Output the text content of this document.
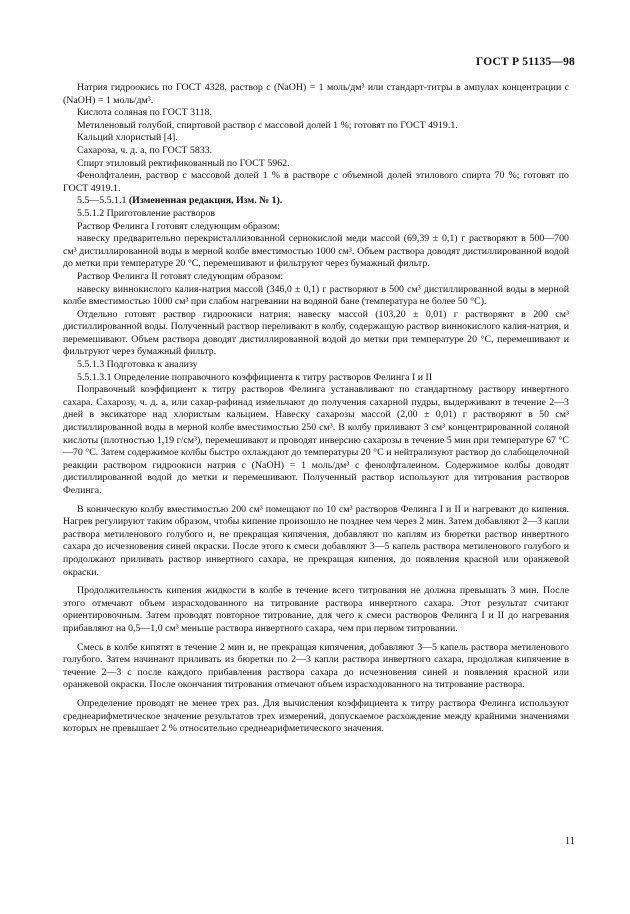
ГОСТ Р 51135—98

Натрия гидроокись по ГОСТ 4328, раствор c (NaOH) = 1 моль/дм³ или стандарт-титры в ампулах концентрации c (NaOH) = 1 моль/дм³.

Кислота соляная по ГОСТ 3118.

Метиленовый голубой, спиртовой раствор с массовой долей 1 %; готовят по ГОСТ 4919.1.

Кальций хлористый [4].

Сахароза, ч. д. а, по ГОСТ 5833.

Спирт этиловый ректификованный по ГОСТ 5962.

Фенолфталеин, раствор с массовой долей 1 % в растворе с объемной долей этилового спирта 70 %; готовят по ГОСТ 4919.1.

5.5—5.5.1.1 (Измененная редакция, Изм. № 1).

5.5.1.2 Приготовление растворов

Раствор Фелинга I готовят следующим образом:

навеску предварительно перекристаллизованной сернокислой меди массой (69,39 ± 0,1) г растворяют в 500—700 см³ дистиллированной воды в мерной колбе вместимостью 1000 см³. Объем раствора доводят дистиллированной водой до метки при температуре 20 °С, перемешивают и фильтруют через бумажный фильтр.

Раствор Фелинга II готовят следующим образом:

навеску виннокислого калия-натрия массой (346,0 ± 0,1) г растворяют в 500 см³ дистиллированной воды в мерной колбе вместимостью 1000 см³ при слабом нагревании на водяной бане (температура не более 50 °С).

Отдельно готовят раствор гидроокиси натрия: навеску массой (103,20 ± 0,01) г растворяют в 200 см³ дистиллированной воды. Полученный раствор переливают в колбу, содержащую раствор виннокислого калия-натрия, и перемешивают. Объем раствора доводят дистиллированной водой до метки при температуре 20 °С, перемешивают и фильтруют через бумажный фильтр.

5.5.1.3 Подготовка к анализу

5.5.1.3.1 Определение поправочного коэффициента к титру растворов Фелинга I и II

Поправочный коэффициент к титру растворов Фелинга устанавливают по стандартному раствору инвертного сахара. Сахарозу, ч. д. а, или сахар-рафинад измельчают до получения сахарной пудры, выдерживают в течение 2—3 дней в эксикаторе над хлористым кальцием. Навеску сахарозы массой (2,00 ± 0,01) г растворяют в 50 см³ дистиллированной воды в мерной колбе вместимостью 250 см³. В колбу приливают 3 см³ концентрированной соляной кислоты (плотностью 1,19 г/см³), перемешивают и проводят инверсию сахарозы в течение 5 мин при температуре 67 °С—70 °С. Затем содержимое колбы быстро охлаждают до температуры 20 °С и нейтрализуют раствор до слабощелочной реакции раствором гидроокиси натрия c (NaOH) = 1 моль/дм³ с фенолфталеином. Содержимое колбы доводят дистиллированной водой до метки и перемешивают. Полученный раствор используют для титрования растворов Фелинга.

В коническую колбу вместимостью 200 см³ помещают по 10 см³ растворов Фелинга I и II и нагревают до кипения. Нагрев регулируют таким образом, чтобы кипение произошло не позднее чем через 2 мин. Затем добавляют 2—3 капли раствора метиленового голубого и, не прекращая кипячения, добавляют по каплям из бюретки раствор инвертного сахара до исчезновения синей окраски. После этого к смеси добавляют 3—5 капель раствора метиленового голубого и продолжают приливать раствор инвертного сахара, не прекращая кипения, до появления красной или оранжевой окраски.

Продолжительность кипения жидкости в колбе в течение всего титрования не должна превышать 3 мин. После этого отмечают объем израсходованного на титрование раствора инвертного сахара. Этот результат считают ориентировочным. Затем проводят повторное титрование, для чего к смеси растворов Фелинга I и II до нагревания прибавляют на 0,5—1,0 см³ меньше раствора инвертного сахара, чем при первом титровании.

Смесь в колбе кипятят в течение 2 мин и, не прекращая кипячения, добавляют 3—5 капель раствора метиленового голубого. Затем начинают приливать из бюретки по 2—3 капли раствора инвертного сахара, продолжая кипячение в течение 2—3 с после каждого прибавления раствора сахара до исчезновения синей и появления красной или оранжевой окраски. После окончания титрования отмечают объем израсходованного на титрование раствора.

Определение проводят не менее трех раз. Для вычисления коэффициента к титру раствора Фелинга используют среднеарифметическое значение результатов трех измерений, допускаемое расхождение между крайними значениями которых не превышает 2 % относительно среднеарифметического значения.

11
